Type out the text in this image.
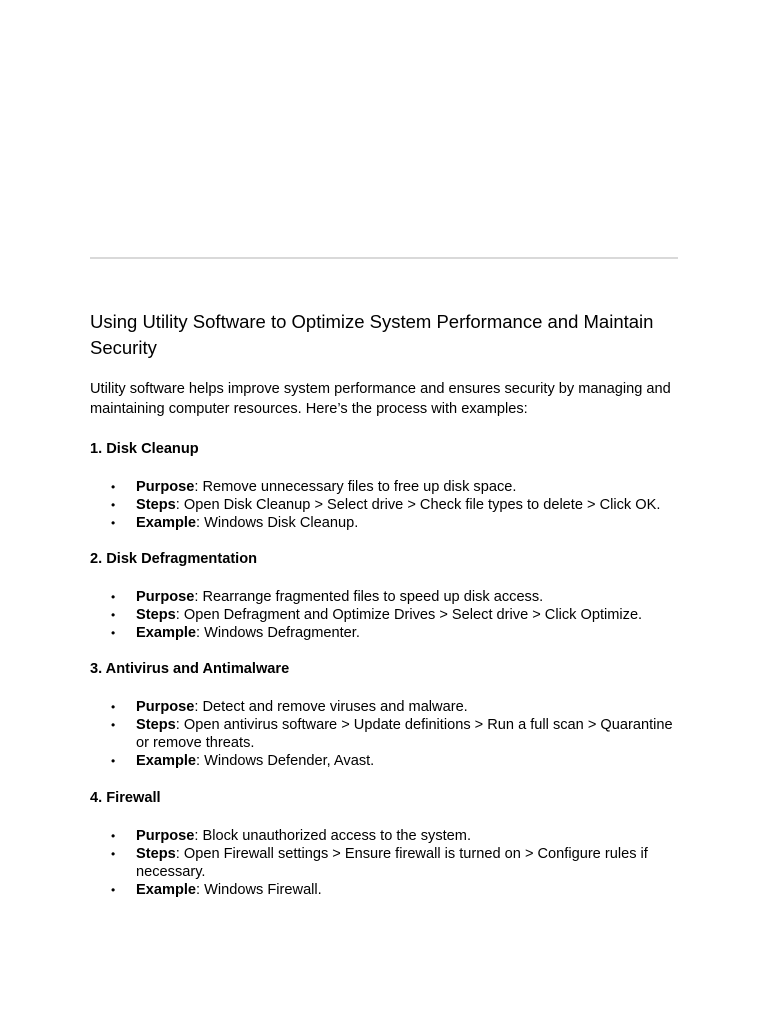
Using Utility Software to Optimize System Performance and Maintain Security

Utility software helps improve system performance and ensures security by managing and maintaining computer resources. Here’s the process with examples:

1. Disk Cleanup
• Purpose: Remove unnecessary files to free up disk space.
• Steps: Open Disk Cleanup > Select drive > Check file types to delete > Click OK.
• Example: Windows Disk Cleanup.
2. Disk Defragmentation
• Purpose: Rearrange fragmented files to speed up disk access.
• Steps: Open Defragment and Optimize Drives > Select drive > Click Optimize.
• Example: Windows Defragmenter.
3. Antivirus and Antimalware
• Purpose: Detect and remove viruses and malware.
• Steps: Open antivirus software > Update definitions > Run a full scan > Quarantine or remove threats.
• Example: Windows Defender, Avast.
4. Firewall
• Purpose: Block unauthorized access to the system.
• Steps: Open Firewall settings > Ensure firewall is turned on > Configure rules if necessary.
• Example: Windows Firewall.
